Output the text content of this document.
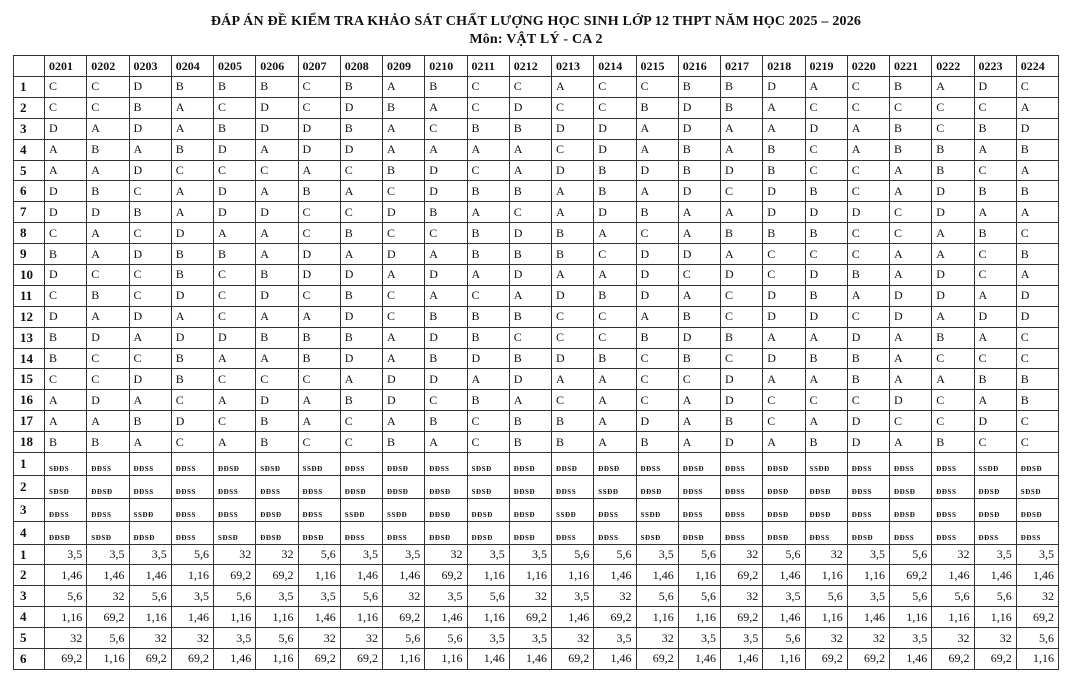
ĐÁP ÁN ĐỀ KIỂM TRA KHẢO SÁT CHẤT LƯỢNG HỌC SINH LỚP 12 THPT NĂM HỌC 2025 – 2026
Môn: VẬT LÝ - CA 2
	0201	0202	0203	0204	0205	0206	0207	0208	0209	0210	0211	0212	0213	0214	0215	0216	0217	0218	0219	0220	0221	0222	0223	0224
1	C	C	D	B	B	B	C	B	A	B	C	C	A	C	C	B	B	D	A	C	B	A	D	C
2	C	C	B	A	C	D	C	D	B	A	C	D	C	C	B	D	B	A	C	C	C	C	C	A
3	D	A	D	A	B	D	D	B	A	C	B	B	D	D	A	D	A	A	D	A	B	C	B	D
4	A	B	A	B	D	A	D	D	A	A	A	A	C	D	A	B	A	B	C	A	B	B	A	B
5	A	A	D	C	C	C	A	C	B	D	C	A	D	B	D	B	D	B	C	C	A	B	C	A
6	D	B	C	A	D	A	B	A	C	D	B	B	A	B	A	D	C	D	B	C	A	D	B	B
7	D	D	B	A	D	D	C	C	D	B	A	C	A	D	B	A	A	D	D	D	C	D	A	A
8	C	A	C	D	A	A	C	B	C	C	B	D	B	A	C	A	B	B	B	C	C	A	B	C
9	B	A	D	B	B	A	D	A	D	A	B	B	B	C	D	D	A	C	C	C	A	A	C	B
10	D	C	C	B	C	B	D	D	A	D	A	D	A	A	D	C	D	C	D	B	A	D	C	A
11	C	B	C	D	C	D	C	B	C	A	C	A	D	B	D	A	C	D	B	A	D	D	A	D
12	D	A	D	A	C	A	A	D	C	B	B	B	C	C	A	B	C	D	D	C	D	A	D	D
13	B	D	A	D	D	B	B	B	A	D	B	C	C	C	B	D	B	A	A	D	A	B	A	C
14	B	C	C	B	A	A	B	D	A	B	D	B	D	B	C	B	C	D	B	B	A	C	C	C
15	C	C	D	B	C	C	C	A	D	D	A	D	A	A	C	C	D	A	A	B	A	A	B	B
16	A	D	A	C	A	D	A	B	D	C	B	A	C	A	C	A	D	C	C	C	D	C	A	B
17	A	A	B	D	C	B	A	C	A	B	C	B	B	A	D	A	B	C	A	D	C	C	D	C
18	B	B	A	C	A	B	C	C	B	A	C	B	B	A	B	A	D	A	B	D	A	B	C	C
1	SĐĐS	ĐĐSS	ĐĐSS	ĐĐSS	ĐĐSĐ	SĐSĐ	SSĐĐ	ĐĐSS	ĐĐSĐ	ĐĐSS	SĐSĐ	ĐĐSĐ	ĐĐSĐ	ĐĐSĐ	ĐĐSS	ĐĐSĐ	ĐĐSS	ĐĐSĐ	SSĐĐ	ĐĐSS	ĐĐSS	ĐĐSS	SSĐĐ	ĐĐSĐ
2	SĐSĐ	ĐĐSĐ	ĐĐSS	ĐĐSS	ĐĐSS	ĐĐSS	ĐĐSS	ĐĐSĐ	ĐĐSĐ	ĐĐSĐ	SĐSĐ	ĐĐSĐ	ĐĐSS	SSĐĐ	ĐĐSĐ	ĐĐSS	ĐĐSS	ĐĐSĐ	ĐĐSĐ	ĐĐSS	ĐĐSĐ	ĐĐSS	ĐĐSĐ	SĐSĐ
3	ĐĐSS	ĐĐSS	SSĐĐ	ĐĐSS	ĐĐSS	ĐĐSĐ	ĐĐSS	SSĐĐ	SSĐĐ	ĐĐSĐ	ĐĐSĐ	ĐĐSĐ	SSĐĐ	ĐĐSS	SSĐĐ	ĐĐSS	ĐĐSS	ĐĐSĐ	ĐĐSĐ	ĐĐSS	ĐĐSĐ	ĐĐSS	ĐĐSĐ	ĐĐSĐ
4	ĐĐSĐ	SĐSĐ	ĐĐSĐ	ĐĐSS	SĐSĐ	ĐĐSĐ	ĐĐSĐ	ĐĐSS	ĐĐSS	ĐĐSĐ	ĐĐSĐ	ĐĐSĐ	ĐĐSS	ĐĐSS	SĐSĐ	ĐĐSĐ	ĐĐSS	ĐĐSĐ	ĐĐSS	ĐĐSĐ	ĐĐSS	ĐĐSS	ĐĐSS	ĐĐSS
1	3,5	3,5	3,5	5,6	32	32	5,6	3,5	3,5	32	3,5	3,5	5,6	5,6	3,5	5,6	32	5,6	32	3,5	5,6	32	3,5	3,5
2	1,46	1,46	1,46	1,16	69,2	69,2	1,16	1,46	1,46	69,2	1,16	1,16	1,16	1,46	1,46	1,16	69,2	1,46	1,16	1,16	69,2	1,46	1,46	1,46
3	5,6	32	5,6	3,5	5,6	3,5	3,5	5,6	32	3,5	5,6	32	3,5	32	5,6	5,6	32	3,5	5,6	3,5	5,6	5,6	5,6	32
4	1,16	69,2	1,16	1,46	1,16	1,16	1,46	1,16	69,2	1,46	1,16	69,2	1,46	69,2	1,16	1,16	69,2	1,46	1,16	1,46	1,16	1,16	1,16	69,2
5	32	5,6	32	32	3,5	5,6	32	32	5,6	5,6	3,5	3,5	32	3,5	32	3,5	3,5	5,6	32	32	3,5	32	32	5,6
6	69,2	1,16	69,2	69,2	1,46	1,16	69,2	69,2	1,16	1,16	1,46	1,46	69,2	1,46	69,2	1,46	1,46	1,16	69,2	69,2	1,46	69,2	69,2	1,16
